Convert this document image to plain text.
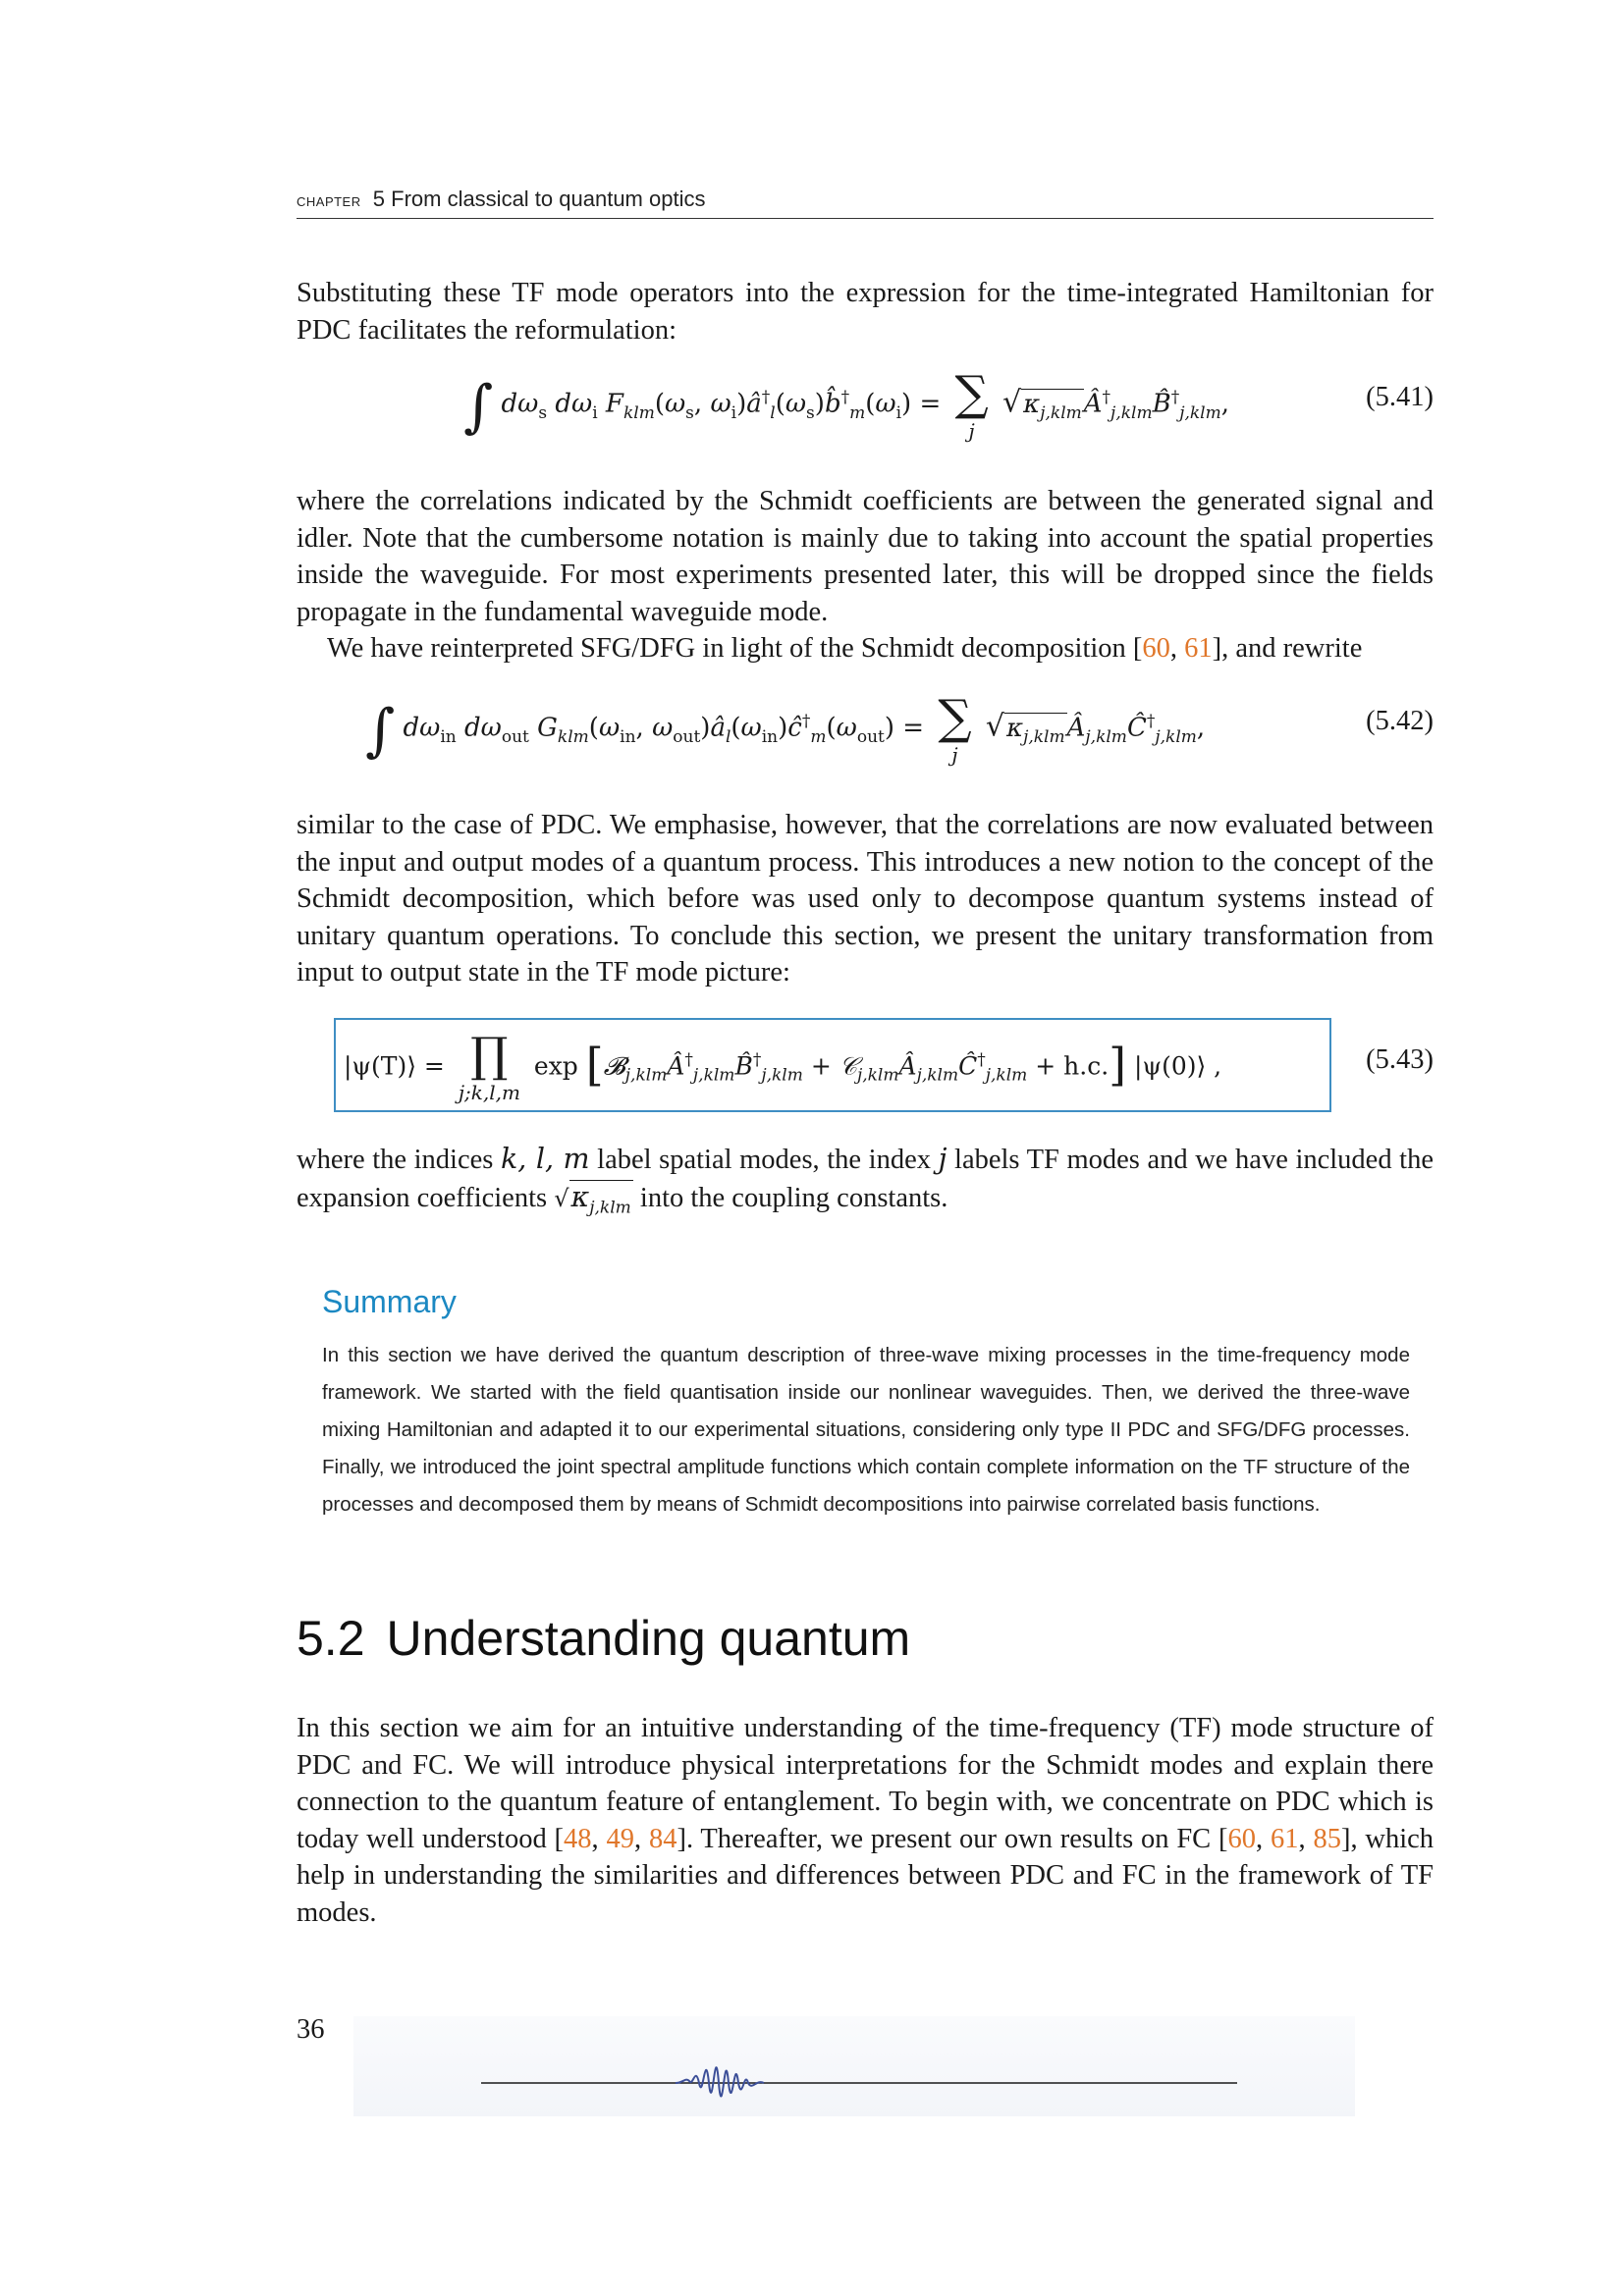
chapter 5 From classical to quantum optics

Substituting these TF mode operators into the expression for the time-integrated Hamiltonian for PDC facilitates the reformulation:

∫ $d\omega_s$ $d\omega_i$ $F_{klm}(\omega_s$, $\omega_i)â^\dagger_l(\omega_s)b̂^\dagger_m(\omega_i)$ = ∑
j
$√\kappa_{j,klm}Â^\dagger_{j,klm}B̂^\dagger_{j,klm}$,	(5.41)

where the correlations indicated by the Schmidt coefficients are between the generated signal and idler. Note that the cumbersome notation is mainly due to taking into account the spatial properties inside the waveguide. For most experiments presented later, this will be dropped since the fields propagate in the fundamental waveguide mode.

We have reinterpreted SFG/DFG in light of the Schmidt decomposition [60, 61], and rewrite

∫ $d\omega_{in}$ $d\omega_{out}$ $G_{klm}(\omega_{in}$, $\omega_{out})â_l(\omega_{in})ĉ^\dagger_m(\omega_{out})$ = ∑
j
$√\kappa_{j,klm}Â_{j,klm}Ĉ^\dagger_{j,klm}$,	(5.42)

similar to the case of PDC. We emphasise, however, that the correlations are now evaluated between the input and output modes of a quantum process. This introduces a new notion to the concept of the Schmidt decomposition, which before was used only to decompose quantum systems instead of unitary quantum operations. To conclude this section, we present the unitary transformation from input to output state in the TF mode picture:

|ψ(T)⟩ = ∏
j;k,l,m
$\exp [𝓑_{j,klm}Â^\dagger_{j,klm}B̂^\dagger_{j,klm}$ + $𝒞_{j,klm}Â_{j,klm}Ĉ^\dagger_{j,klm} + h.c$.] |ψ(0)⟩ ,	(5.43)

where the indices k, l, m label spatial modes, the index j labels TF modes and we have included the expansion coefficients $√\kappa_{j,klm}$ into the coupling constants.

Summary

In this section we have derived the quantum description of three-wave mixing processes in the time-frequency mode framework. We started with the field quantisation inside our nonlinear waveguides. Then, we derived the three-wave mixing Hamiltonian and adapted it to our experimental situations, considering only type II PDC and SFG/DFG processes. Finally, we introduced the joint spectral amplitude functions which contain complete information on the TF structure of the processes and decomposed them by means of Schmidt decompositions into pairwise correlated basis functions.

5.2 Understanding quantum

In this section we aim for an intuitive understanding of the time-frequency (TF) mode structure of PDC and FC. We will introduce physical interpretations for the Schmidt modes and explain there connection to the quantum feature of entanglement. To begin with, we concentrate on PDC which is today well understood [48, 49, 84]. Thereafter, we present our own results on FC [60, 61, 85], which help in understanding the similarities and differences between PDC and FC in the framework of TF modes.

36
